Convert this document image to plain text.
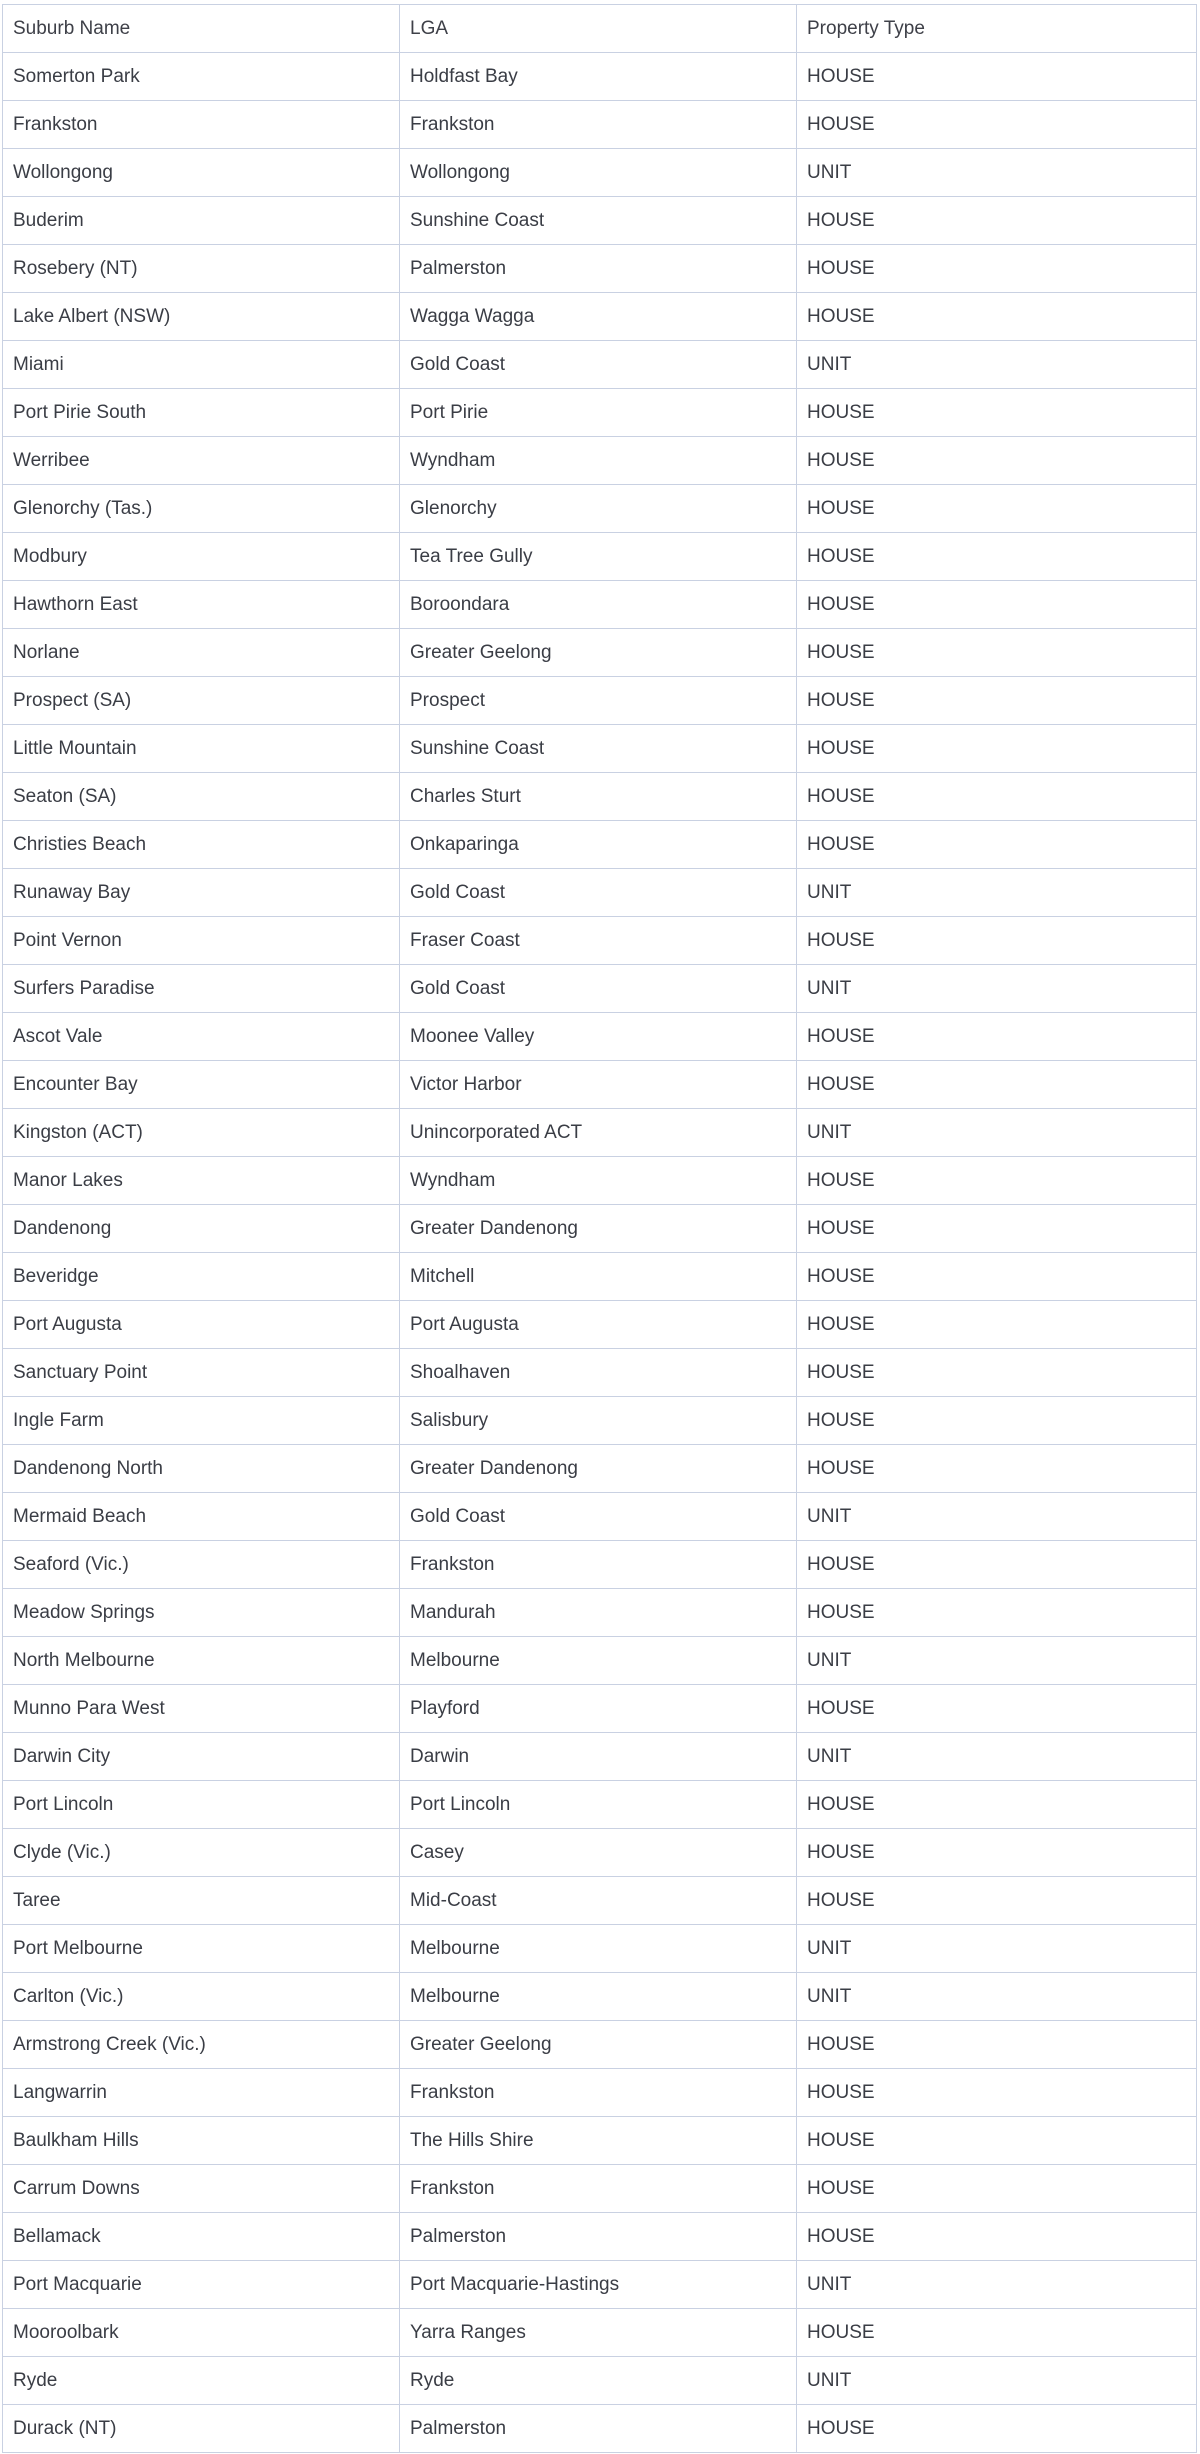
Suburb Name	LGA	Property Type
Somerton Park	Holdfast Bay	HOUSE
Frankston	Frankston	HOUSE
Wollongong	Wollongong	UNIT
Buderim	Sunshine Coast	HOUSE
Rosebery (NT)	Palmerston	HOUSE
Lake Albert (NSW)	Wagga Wagga	HOUSE
Miami	Gold Coast	UNIT
Port Pirie South	Port Pirie	HOUSE
Werribee	Wyndham	HOUSE
Glenorchy (Tas.)	Glenorchy	HOUSE
Modbury	Tea Tree Gully	HOUSE
Hawthorn East	Boroondara	HOUSE
Norlane	Greater Geelong	HOUSE
Prospect (SA)	Prospect	HOUSE
Little Mountain	Sunshine Coast	HOUSE
Seaton (SA)	Charles Sturt	HOUSE
Christies Beach	Onkaparinga	HOUSE
Runaway Bay	Gold Coast	UNIT
Point Vernon	Fraser Coast	HOUSE
Surfers Paradise	Gold Coast	UNIT
Ascot Vale	Moonee Valley	HOUSE
Encounter Bay	Victor Harbor	HOUSE
Kingston (ACT)	Unincorporated ACT	UNIT
Manor Lakes	Wyndham	HOUSE
Dandenong	Greater Dandenong	HOUSE
Beveridge	Mitchell	HOUSE
Port Augusta	Port Augusta	HOUSE
Sanctuary Point	Shoalhaven	HOUSE
Ingle Farm	Salisbury	HOUSE
Dandenong North	Greater Dandenong	HOUSE
Mermaid Beach	Gold Coast	UNIT
Seaford (Vic.)	Frankston	HOUSE
Meadow Springs	Mandurah	HOUSE
North Melbourne	Melbourne	UNIT
Munno Para West	Playford	HOUSE
Darwin City	Darwin	UNIT
Port Lincoln	Port Lincoln	HOUSE
Clyde (Vic.)	Casey	HOUSE
Taree	Mid-Coast	HOUSE
Port Melbourne	Melbourne	UNIT
Carlton (Vic.)	Melbourne	UNIT
Armstrong Creek (Vic.)	Greater Geelong	HOUSE
Langwarrin	Frankston	HOUSE
Baulkham Hills	The Hills Shire	HOUSE
Carrum Downs	Frankston	HOUSE
Bellamack	Palmerston	HOUSE
Port Macquarie	Port Macquarie-Hastings	UNIT
Mooroolbark	Yarra Ranges	HOUSE
Ryde	Ryde	UNIT
Durack (NT)	Palmerston	HOUSE
